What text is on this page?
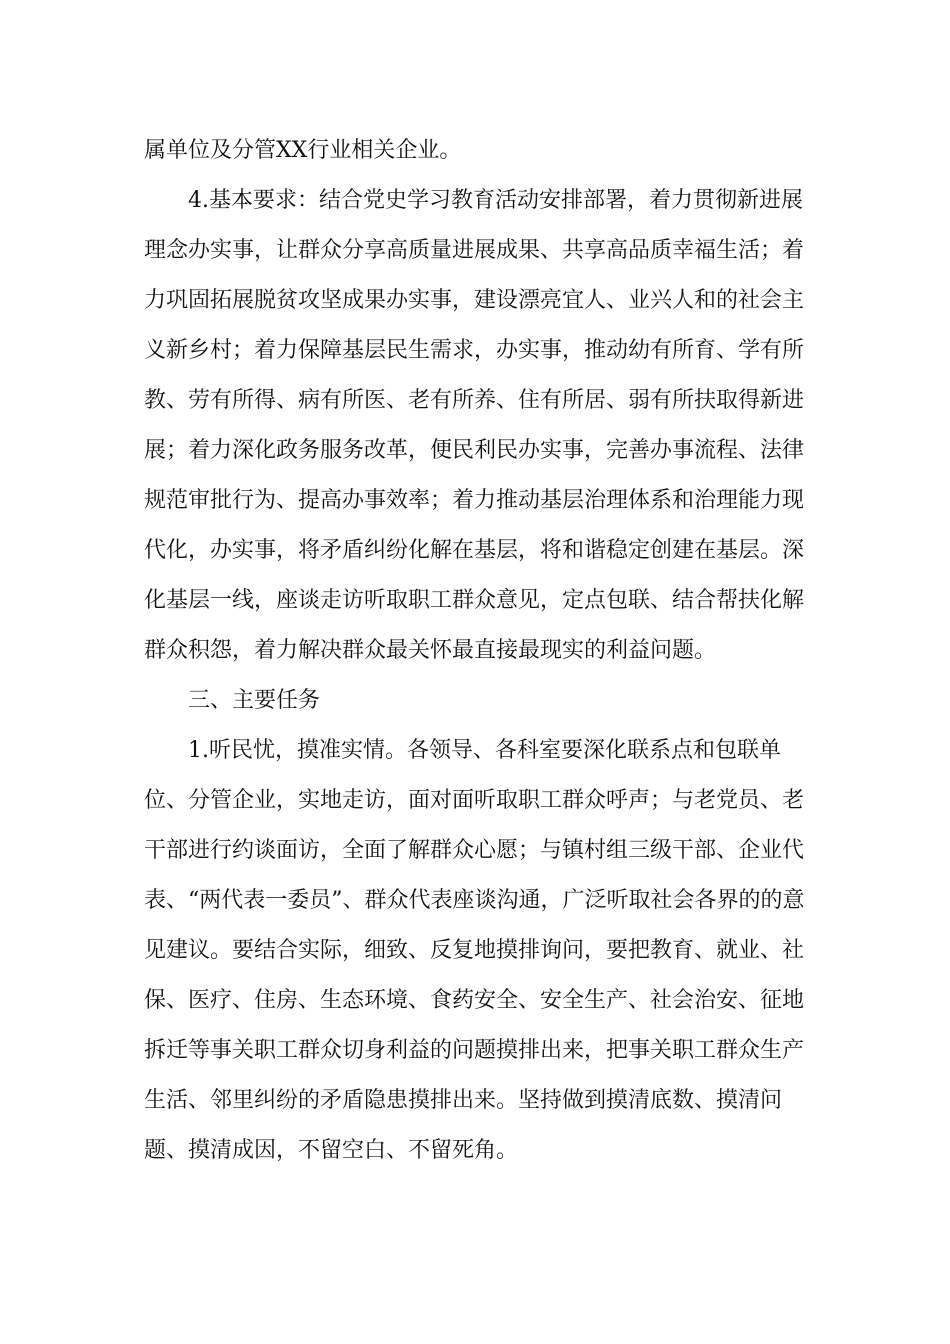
属单位及分管XX行业相关企业。

4.基本要求：结合党史学习教育活动安排部署，着力贯彻新进展理念办实事，让群众分享高质量进展成果、共享高品质幸福生活；着力巩固拓展脱贫攻坚成果办实事，建设漂亮宜人、业兴人和的社会主义新乡村；着力保障基层民生需求，办实事，推动幼有所育、学有所教、劳有所得、病有所医、老有所养、住有所居、弱有所扶取得新进展；着力深化政务服务改革，便民利民办实事，完善办事流程、法律规范审批行为、提高办事效率；着力推动基层治理体系和治理能力现代化，办实事，将矛盾纠纷化解在基层，将和谐稳定创建在基层。深化基层一线，座谈走访听取职工群众意见，定点包联、结合帮扶化解群众积怨，着力解决群众最关怀最直接最现实的利益问题。

三、主要任务

1.听民忧，摸准实情。各领导、各科室要深化联系点和包联单位、分管企业，实地走访，面对面听取职工群众呼声；与老党员、老干部进行约谈面访，全面了解群众心愿；与镇村组三级干部、企业代表、“两代表一委员”、群众代表座谈沟通，广泛听取社会各界的的意见建议。要结合实际，细致、反复地摸排询问，要把教育、就业、社保、医疗、住房、生态环境、食药安全、安全生产、社会治安、征地拆迁等事关职工群众切身利益的问题摸排出来，把事关职工群众生产生活、邻里纠纷的矛盾隐患摸排出来。坚持做到摸清底数、摸清问题、摸清成因，不留空白、不留死角。
